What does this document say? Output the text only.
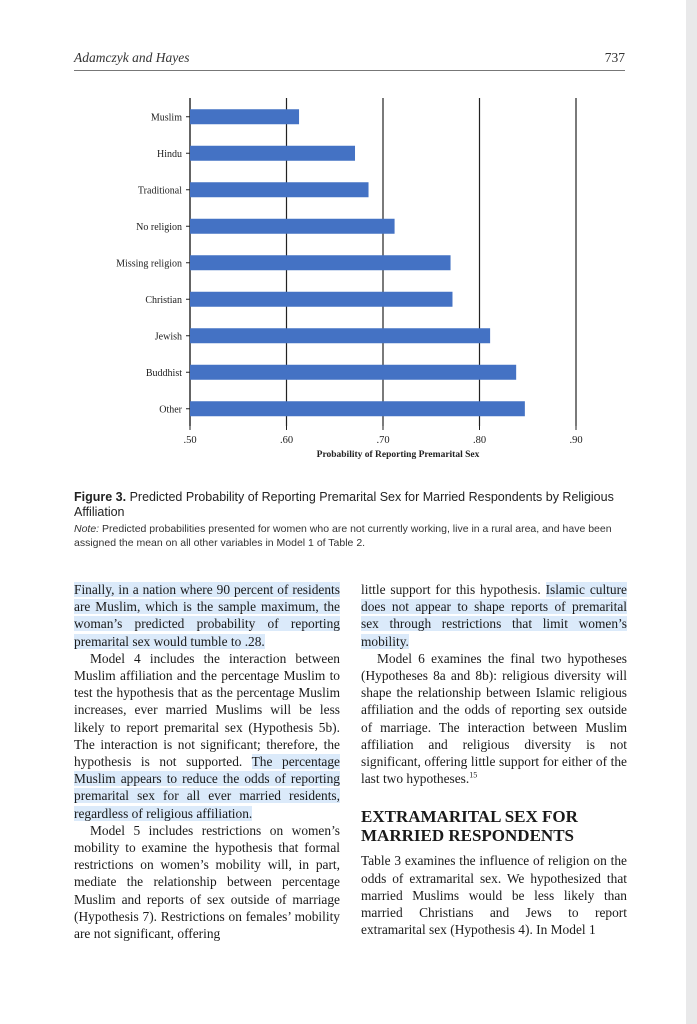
Adamczyk and Hayes	737
.50	.60	.70	.80	.90
Muslim
Hindu
Traditional
No religion
Missing religion
Christian
Jewish
Buddhist
Other
Probability of Reporting Premarital Sex

Figure 3. Predicted Probability of Reporting Premarital Sex for Married Respondents by Religious Affiliation

Note: Predicted probabilities presented for women who are not currently working, live in a rural area, and have been assigned the mean on all other variables in Model 1 of Table 2.

Finally, in a nation where 90 percent of residents are Muslim, which is the sample maximum, the woman’s predicted probability of reporting premarital sex would tumble to .28.

Model 4 includes the interaction between Muslim affiliation and the percentage Muslim to test the hypothesis that as the percentage Muslim increases, ever married Muslims will be less likely to report premarital sex (Hypothesis 5b). The interaction is not significant; therefore, the hypothesis is not supported. The percentage Muslim appears to reduce the odds of reporting premarital sex for all ever married residents, regardless of religious affiliation.

Model 5 includes restrictions on women’s mobility to examine the hypothesis that formal restrictions on women’s mobility will, in part, mediate the relationship between percentage Muslim and reports of sex outside of marriage (Hypothesis 7). Restrictions on females’ mobility are not significant, offering

little support for this hypothesis. Islamic culture does not appear to shape reports of premarital sex through restrictions that limit women’s mobility.

Model 6 examines the final two hypotheses (Hypotheses 8a and 8b): religious diversity will shape the relationship between Islamic religious affiliation and the odds of reporting sex outside of marriage. The interaction between Muslim affiliation and religious diversity is not significant, offering little support for either of the last two hypotheses.$^{15}$

EXTRAMARITAL SEX FOR MARRIED RESPONDENTS

Table 3 examines the influence of religion on the odds of extramarital sex. We hypothesized that married Muslims would be less likely than married Christians and Jews to report extramarital sex (Hypothesis 4). In Model 1
